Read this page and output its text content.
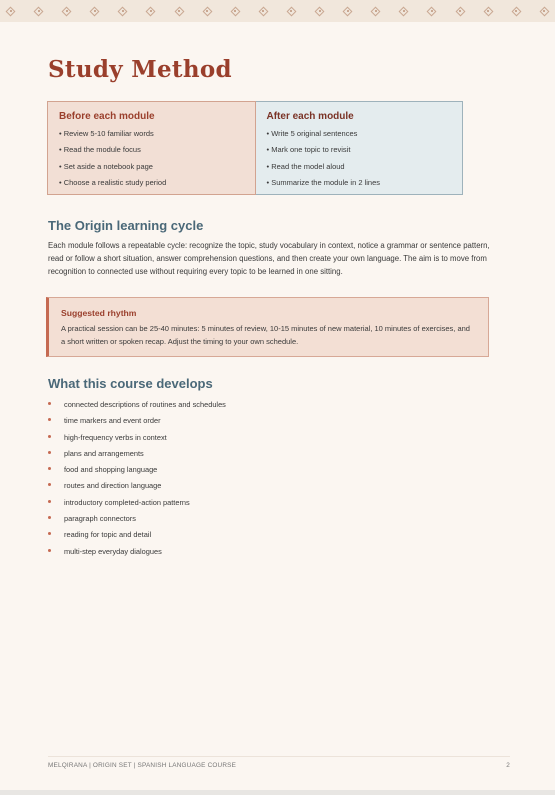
Study Method
Before each module
• Review 5-10 familiar words
• Read the module focus
• Set aside a notebook page
• Choose a realistic study period
After each module
• Write 5 original sentences
• Mark one topic to revisit
• Read the model aloud
• Summarize the module in 2 lines
The Origin learning cycle

Each module follows a repeatable cycle: recognize the topic, study vocabulary in context, notice a grammar or sentence pattern, read or follow a short situation, answer comprehension questions, and then create your own language. The aim is to move from recognition to connected use without requiring every topic to be learned in one sitting.

Suggested rhythm

A practical session can be 25-40 minutes: 5 minutes of review, 10-15 minutes of new material, 10 minutes of exercises, and a short written or spoken recap. Adjust the timing to your own schedule.

What this course develops
connected descriptions of routines and schedules
time markers and event order
high-frequency verbs in context
plans and arrangements
food and shopping language
routes and direction language
introductory completed-action patterns
paragraph connectors
reading for topic and detail
multi-step everyday dialogues
MELQIRANA | ORIGIN SET | SPANISH LANGUAGE COURSE	2
